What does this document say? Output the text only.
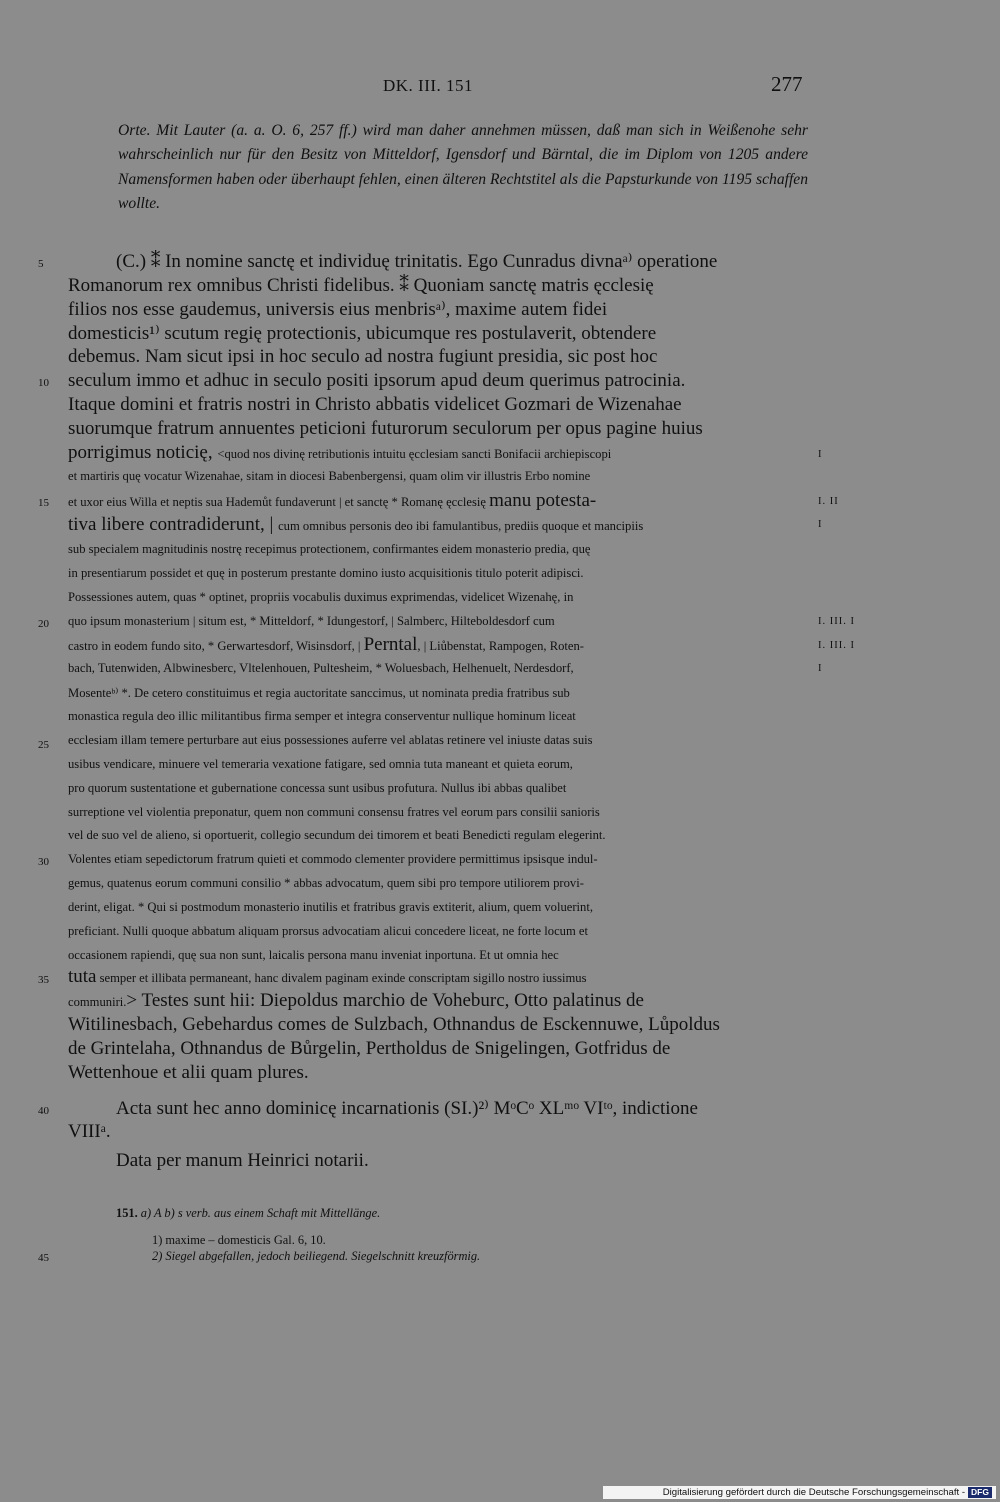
DK. III. 151	277

Orte. Mit Lauter (a. a. O. 6, 257 ff.) wird man daher annehmen müssen, daß man sich in Weißenohe sehr wahrscheinlich nur für den Besitz von Mitteldorf, Igensdorf und Bärntal, die im Diplom von 1205 andere Namensformen haben oder überhaupt fehlen, einen älteren Rechtstitel als die Papsturkunde von 1195 schaffen wollte.

5
10
15
20
25
30
35
40
45
I
I. II
I
I. III. I
I. III. I
I
(C.) ⁑ In nomine sanctę et individuę trinitatis. Ego Cunradus divnaᵃ⁾ operatione
Romanorum rex omnibus Christi fidelibus. ⁑ Quoniam sanctę matris ęcclesię
filios nos esse gaudemus, universis eius menbrisᵃ⁾, maxime autem fidei
domesticis¹⁾ scutum regię protectionis, ubicumque res postulaverit, obtendere
debemus. Nam sicut ipsi in hoc seculo ad nostra fugiunt presidia, sic post hoc
seculum immo et adhuc in seculo positi ipsorum apud deum querimus patrocinia.
Itaque domini et fratris nostri in Christo abbatis videlicet Gozmari de Wizenahae
suorumque fratrum annuentes peticioni futurorum seculorum per opus pagine huius
porrigimus noticię, <quod nos divinę retributionis intuitu ęcclesiam sancti Bonifacii archiepiscopi
et martiris quę vocatur Wizenahae, sitam in diocesi Babenbergensi, quam olim vir illustris Erbo nomine
et uxor eius Willa et neptis sua Hademůt fundaverunt | et sanctę * Romanę ęcclesię manu potesta-
tiva libere contradiderunt, | cum omnibus personis deo ibi famulantibus, prediis quoque et mancipiis
sub specialem magnitudinis nostrę recepimus protectionem, confirmantes eidem monasterio predia, quę
in presentiarum possidet et quę in posterum prestante domino iusto acquisitionis titulo poterit adipisci.
Possessiones autem, quas * optinet, propriis vocabulis duximus exprimendas, videlicet Wizenahę, in
quo ipsum monasterium | situm est, * Mitteldorf, * Idungestorf, | Salmberc, Hilteboldesdorf cum
castro in eodem fundo sito, * Gerwartesdorf, Wisinsdorf, | Perntal, | Liůbenstat, Rampogen, Roten-
bach, Tutenwiden, Albwinesberc, Vltelenhouen, Pultesheim, * Woluesbach, Helhenuelt, Nerdesdorf,
Mosenteᵇ⁾ *. De cetero constituimus et regia auctoritate sanccimus, ut nominata predia fratribus sub
monastica regula deo illic militantibus firma semper et integra conserventur nullique hominum liceat
ecclesiam illam temere perturbare aut eius possessiones auferre vel ablatas retinere vel iniuste datas suis
usibus vendicare, minuere vel temeraria vexatione fatigare, sed omnia tuta maneant et quieta eorum,
pro quorum sustentatione et gubernatione concessa sunt usibus profutura. Nullus ibi abbas qualibet
surreptione vel violentia preponatur, quem non communi consensu fratres vel eorum pars consilii sanioris
vel de suo vel de alieno, si oportuerit, collegio secundum dei timorem et beati Benedicti regulam elegerint.
Volentes etiam sepedictorum fratrum quieti et commodo clementer providere permittimus ipsisque indul-
gemus, quatenus eorum communi consilio * abbas advocatum, quem sibi pro tempore utiliorem provi-
derint, eligat. * Qui si postmodum monasterio inutilis et fratribus gravis extiterit, alium, quem voluerint,
preficiant. Nulli quoque abbatum aliquam prorsus advocatiam alicui concedere liceat, ne forte locum et
occasionem rapiendi, quę sua non sunt, laicalis persona manu inveniat inportuna. Et ut omnia hec
tuta semper et illibata permaneant, hanc divalem paginam exinde conscriptam sigillo nostro iussimus
communiri.> Testes sunt hii: Diepoldus marchio de Voheburc, Otto palatinus de
Witilinesbach, Gebehardus comes de Sulzbach, Othnandus de Esckennuwe, Lůpoldus
de Grintelaha, Othnandus de Bůrgelin, Pertholdus de Snigelingen, Gotfridus de
Wettenhoue et alii quam plures.
Acta sunt hec anno dominicę incarnationis (SI.)²⁾ MᵒCᵒ XLᵐᵒ VIᵗᵒ, indictione
VIIIᵃ.
Data per manum Heinrici notarii.
151. a) A b) s verb. aus einem Schaft mit Mittellänge.
1) maxime – domesticis Gal. 6, 10.
2) Siegel abgefallen, jedoch beiliegend. Siegelschnitt kreuzförmig.
Digitalisierung gefördert durch die Deutsche Forschungsgemeinschaft - DFG
